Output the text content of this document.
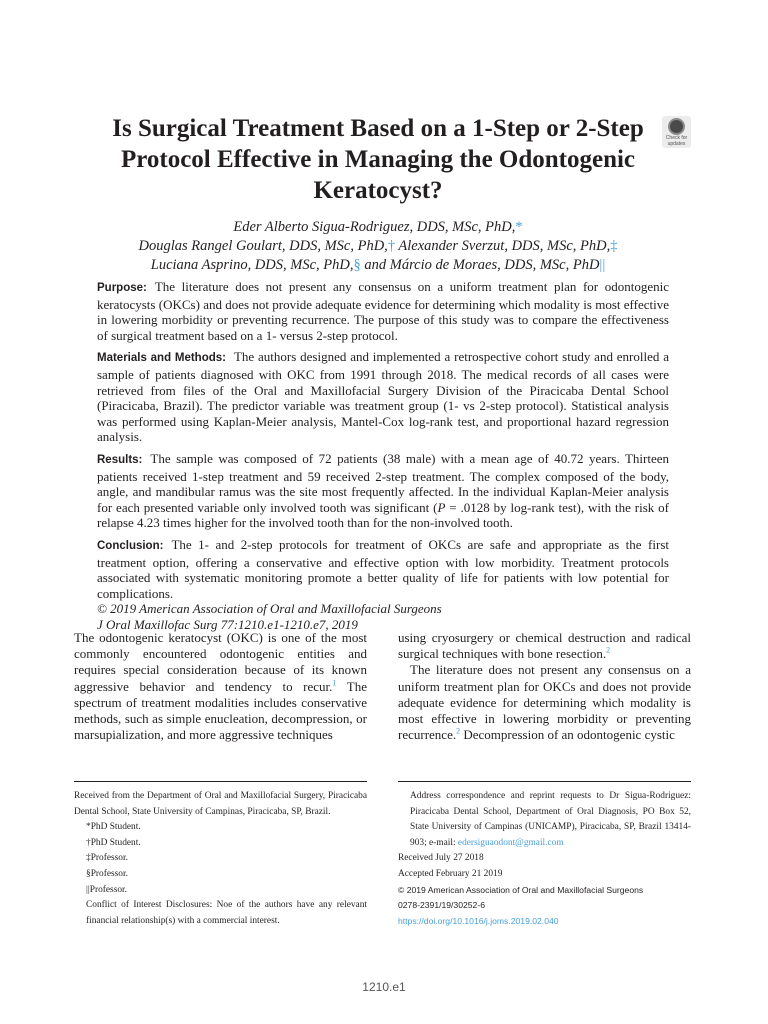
Is Surgical Treatment Based on a 1-Step or 2-Step Protocol Effective in Managing the Odontogenic Keratocyst?
Check for
updates
Eder Alberto Sigua-Rodriguez, DDS, MSc, PhD,*
Douglas Rangel Goulart, DDS, MSc, PhD,† Alexander Sverzut, DDS, MSc, PhD,‡
Luciana Asprino, DDS, MSc, PhD,§ and Márcio de Moraes, DDS, MSc, PhD||

Purpose: The literature does not present any consensus on a uniform treatment plan for odontogenic keratocysts (OKCs) and does not provide adequate evidence for determining which modality is most effective in lowering morbidity or preventing recurrence. The purpose of this study was to compare the effectiveness of surgical treatment based on a 1- versus 2-step protocol.

Materials and Methods: The authors designed and implemented a retrospective cohort study and enrolled a sample of patients diagnosed with OKC from 1991 through 2018. The medical records of all cases were retrieved from files of the Oral and Maxillofacial Surgery Division of the Piracicaba Dental School (Piracicaba, Brazil). The predictor variable was treatment group (1- vs 2-step protocol). Statistical analysis was performed using Kaplan-Meier analysis, Mantel-Cox log-rank test, and proportional hazard regression analysis.

Results: The sample was composed of 72 patients (38 male) with a mean age of 40.72 years. Thirteen patients received 1-step treatment and 59 received 2-step treatment. The complex composed of the body, angle, and mandibular ramus was the site most frequently affected. In the individual Kaplan-Meier analysis for each presented variable only involved tooth was significant (P = .0128 by log-rank test), with the risk of relapse 4.23 times higher for the involved tooth than for the non-involved tooth.

Conclusion: The 1- and 2-step protocols for treatment of OKCs are safe and appropriate as the first treatment option, offering a conservative and effective option with low morbidity. Treatment protocols associated with systematic monitoring promote a better quality of life for patients with low potential for complications.

© 2019 American Association of Oral and Maxillofacial Surgeons

J Oral Maxillofac Surg 77:1210.e1-1210.e7, 2019

The odontogenic keratocyst (OKC) is one of the most commonly encountered odontogenic entities and requires special consideration because of its known aggressive behavior and tendency to recur.$^1$ The spectrum of treatment modalities includes conservative methods, such as simple enucleation, decompression, or marsupialization, and more aggressive techniques

using cryosurgery or chemical destruction and radical surgical techniques with bone resection.$^2$

The literature does not present any consensus on a uniform treatment plan for OKCs and does not provide adequate evidence for determining which modality is most effective in lowering morbidity or preventing recurrence.$^2$ Decompression of an odontogenic cystic

Received from the Department of Oral and Maxillofacial Surgery, Piracicaba Dental School, State University of Campinas, Piracicaba, SP, Brazil.

*PhD Student.

†PhD Student.

‡Professor.

§Professor.

||Professor.

Conflict of Interest Disclosures: Noe of the authors have any relevant financial relationship(s) with a commercial interest.

Address correspondence and reprint requests to Dr Sigua-Rodriguez: Piracicaba Dental School, Department of Oral Diagnosis, PO Box 52, State University of Campinas (UNICAMP), Piracicaba, SP, Brazil 13414-903; e-mail: edersiguaodont@gmail.com

Received July 27 2018

Accepted February 21 2019

© 2019 American Association of Oral and Maxillofacial Surgeons

0278-2391/19/30252-6

https://doi.org/10.1016/j.joms.2019.02.040

1210.e1
